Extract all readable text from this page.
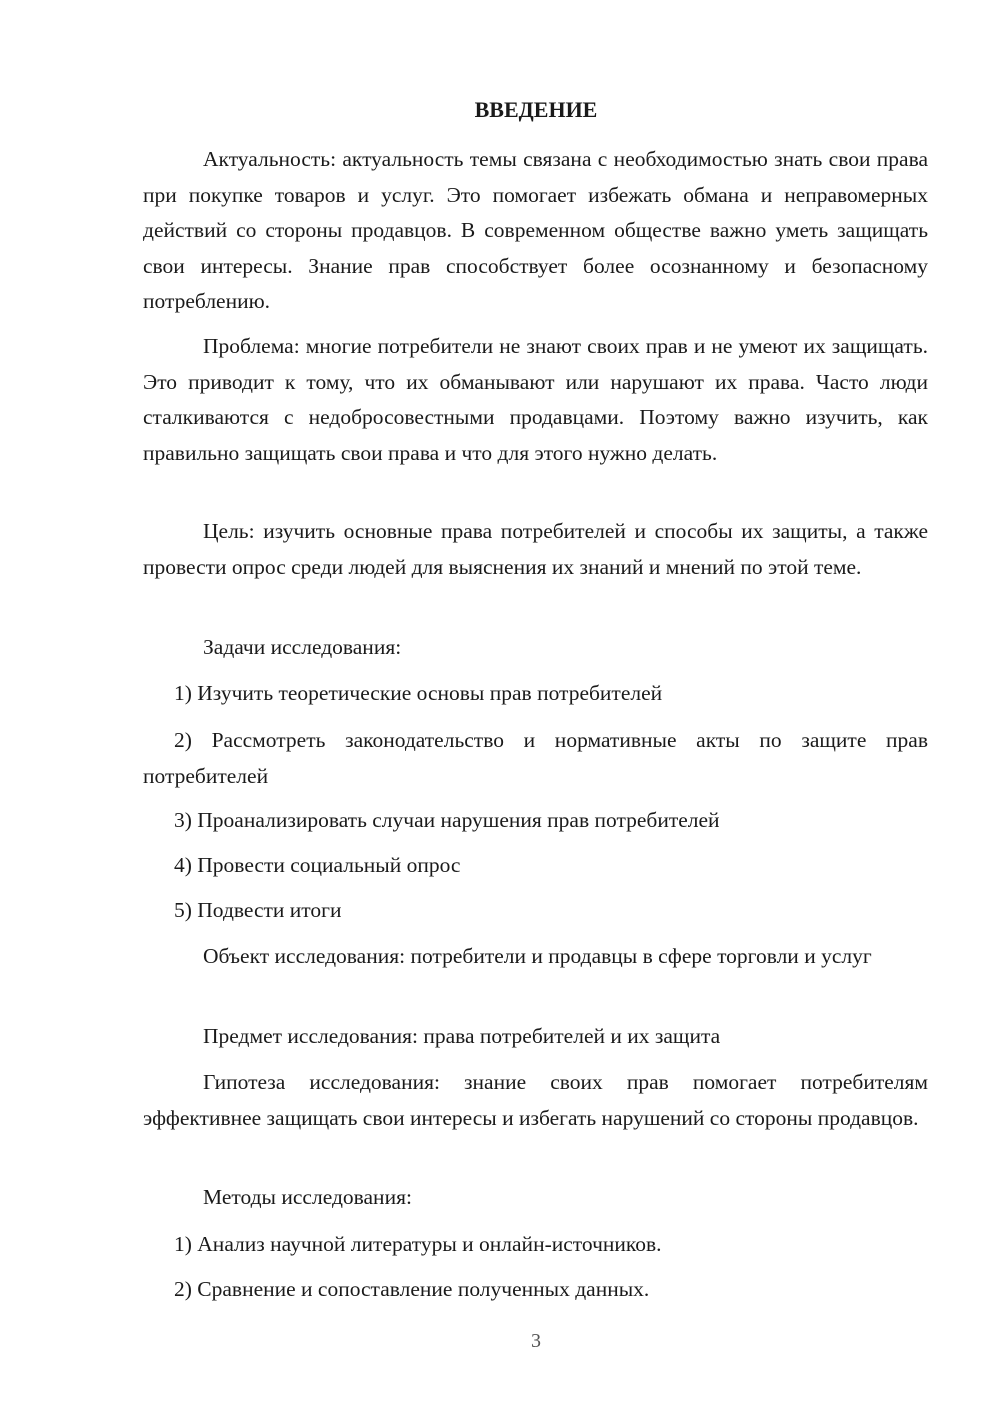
ВВЕДЕНИЕ

Актуальность: актуальность темы связана с необходимостью знать свои права при покупке товаров и услуг. Это помогает избежать обмана и неправомерных действий со стороны продавцов. В современном обществе важно уметь защищать свои интересы. Знание прав способствует более осознанному и безопасному потреблению.

Проблема: многие потребители не знают своих прав и не умеют их защищать. Это приводит к тому, что их обманывают или нарушают их права. Часто люди сталкиваются с недобросовестными продавцами. Поэтому важно изучить, как правильно защищать свои права и что для этого нужно делать.

Цель: изучить основные права потребителей и способы их защиты, а также провести опрос среди людей для выяснения их знаний и мнений по этой теме.

Задачи исследования:

1) Изучить теоретические основы прав потребителей

2) Рассмотреть законодательство и нормативные акты по защите прав потребителей

3) Проанализировать случаи нарушения прав потребителей

4) Провести социальный опрос

5) Подвести итоги

Объект исследования: потребители и продавцы в сфере торговли и услуг

Предмет исследования: права потребителей и их защита

Гипотеза исследования: знание своих прав помогает потребителям эффективнее защищать свои интересы и избегать нарушений со стороны продавцов.

Методы исследования:

1) Анализ научной литературы и онлайн-источников.

2) Сравнение и сопоставление полученных данных.

3
